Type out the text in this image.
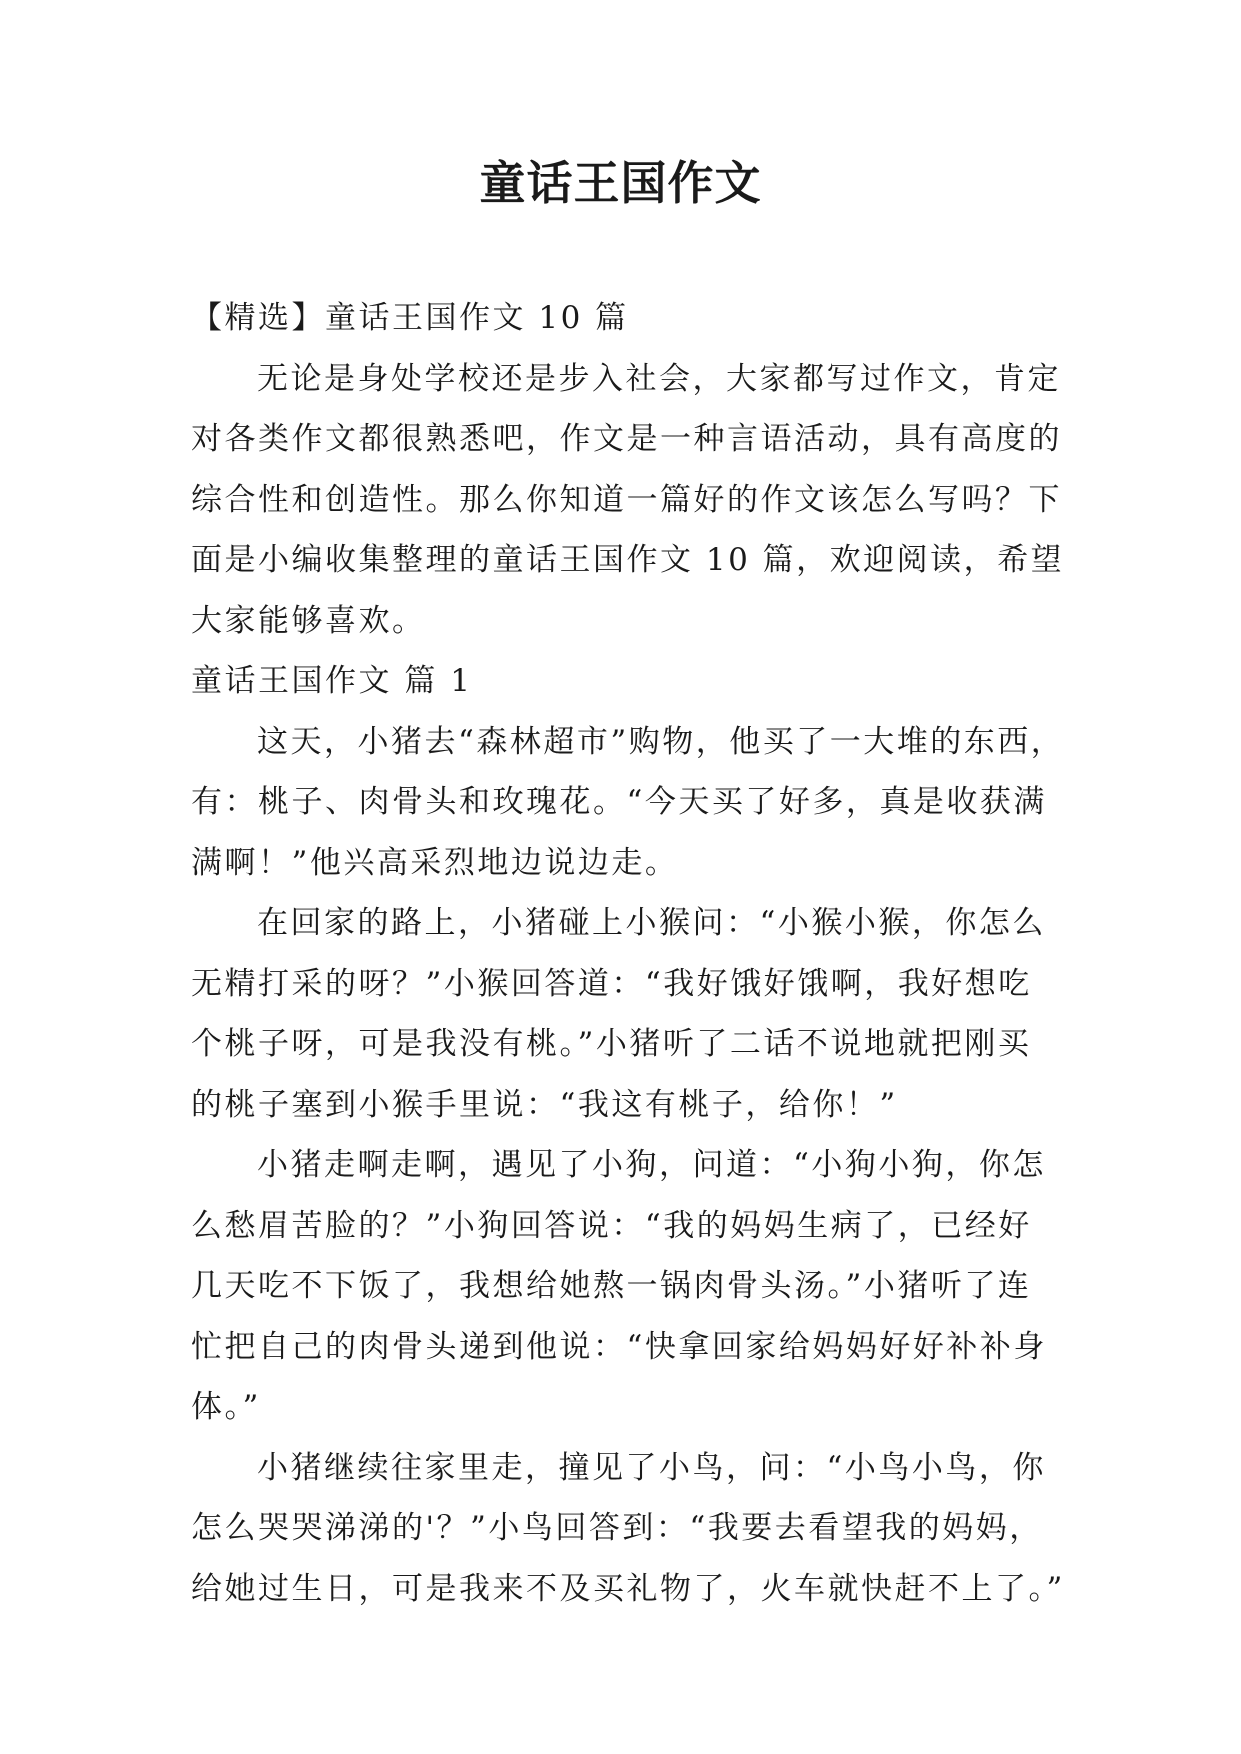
童话王国作文

【精选】童话王国作文 10 篇

无论是身处学校还是步入社会，大家都写过作文，肯定

对各类作文都很熟悉吧，作文是一种言语活动，具有高度的

综合性和创造性。那么你知道一篇好的作文该怎么写吗？下

面是小编收集整理的童话王国作文 10 篇，欢迎阅读，希望

大家能够喜欢。

童话王国作文 篇 1

这天，小猪去“森林超市”购物，他买了一大堆的东西，

有：桃子、肉骨头和玫瑰花。“今天买了好多，真是收获满

满啊！”他兴高采烈地边说边走。

在回家的路上，小猪碰上小猴问：“小猴小猴，你怎么

无精打采的呀？”小猴回答道：“我好饿好饿啊，我好想吃

个桃子呀，可是我没有桃。”小猪听了二话不说地就把刚买

的桃子塞到小猴手里说：“我这有桃子，给你！”

小猪走啊走啊，遇见了小狗，问道：“小狗小狗，你怎

么愁眉苦脸的？”小狗回答说：“我的妈妈生病了，已经好

几天吃不下饭了，我想给她熬一锅肉骨头汤。”小猪听了连

忙把自己的肉骨头递到他说：“快拿回家给妈妈好好补补身

体。”

小猪继续往家里走，撞见了小鸟，问：“小鸟小鸟，你

怎么哭哭涕涕的'？”小鸟回答到：“我要去看望我的妈妈，

给她过生日，可是我来不及买礼物了，火车就快赶不上了。”
